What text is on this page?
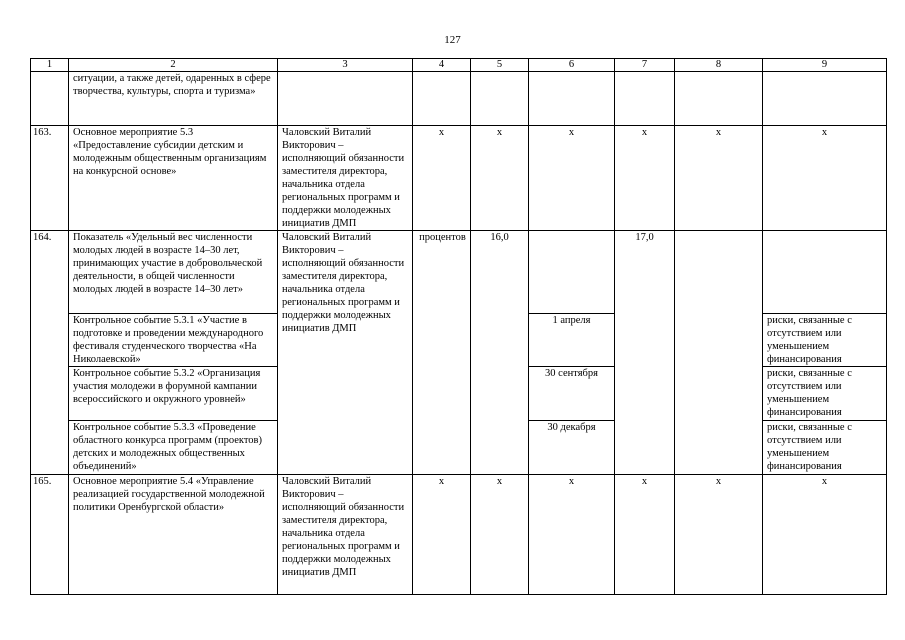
127
1	2	3	4	5	6	7	8	9
	ситуации, а также детей, одаренных в сфере творчества, культуры, спорта и туризма»							
163.	Основное мероприятие 5.3 «Предоставление субсидии детским и молодежным общественным организациям на конкурсной основе»	Чаловский Виталий Викторович – исполняющий обязанности заместителя директора, начальника отдела региональных программ и поддержки молодежных инициатив ДМП	х	х	х	х	х	х
164.	Показатель «Удельный вес численности молодых людей в возрасте 14–30 лет, принимающих участие в добровольческой деятельности, в общей численности молодых людей в возрасте 14–30 лет»	Чаловский Виталий Викторович – исполняющий обязанности заместителя директора, начальника отдела региональных программ и поддержки молодежных инициатив ДМП	процентов	16,0		17,0		
	Контрольное событие 5.3.1 «Участие в подготовке и проведении международного фестиваля студенческого творчества «На Николаевской»				1 апреля			риски, связанные с отсутствием или уменьшением финансирования
	Контрольное событие 5.3.2 «Организация участия молодежи в форумной кампании всероссийского и окружного уровней»				30 сентября			риски, связанные с отсутствием или уменьшением финансирования
	Контрольное событие 5.3.3 «Проведение областного конкурса программ (проектов) детских и молодежных общественных объединений»				30 декабря			риски, связанные с отсутствием или уменьшением финансирования
165.	Основное мероприятие 5.4 «Управление реализацией государственной молодежной политики Оренбургской области»	Чаловский Виталий Викторович – исполняющий обязанности заместителя директора, начальника отдела региональных программ и поддержки молодежных инициатив ДМП	х	х	х	х	х	х
